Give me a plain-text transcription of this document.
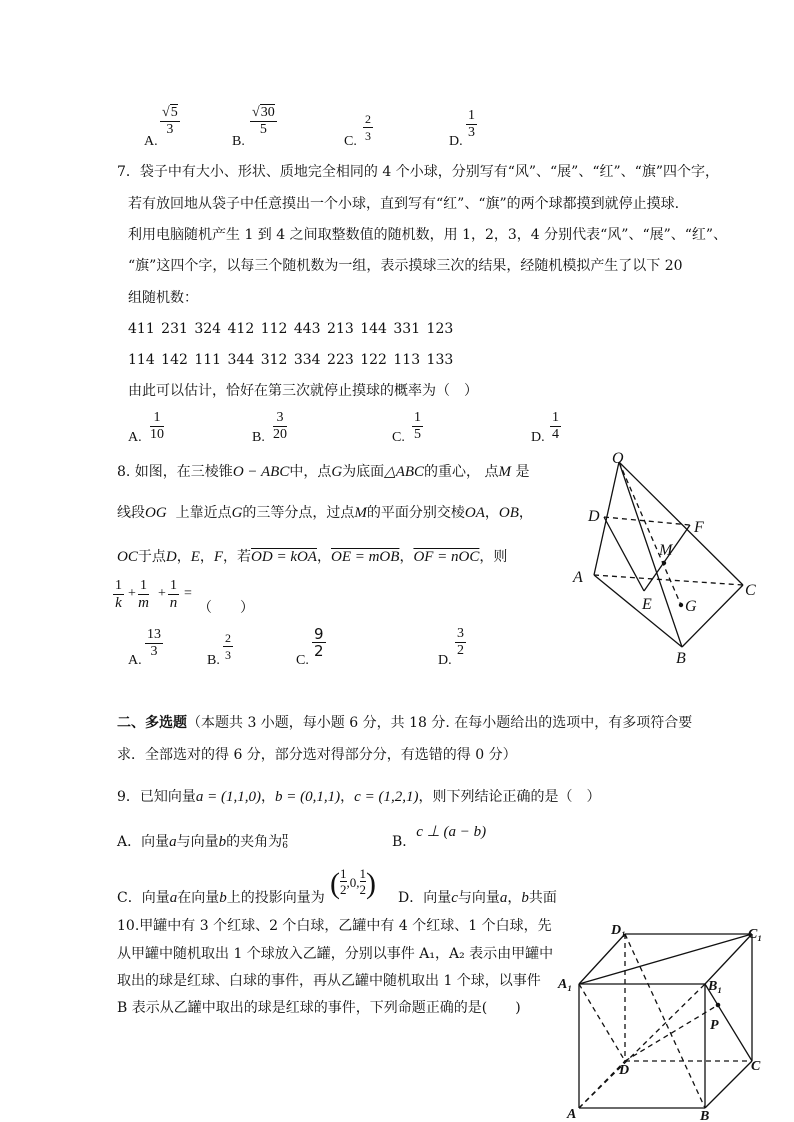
A.
$\frac{√5}{3}$
B.
$\frac{√30}{5}$
C. $\frac{2}{3}$	D.
$\frac{1}{3}$
7．袋子中有大小、形状、质地完全相同的 4 个小球，分别写有“风”、“展”、“红”、“旗”四个字，
若有放回地从袋子中任意摸出一个小球，直到写有“红”、“旗”的两个球都摸到就停止摸球.
利用电脑随机产生 1 到 4 之间取整数值的随机数，用 1，2，3，4 分别代表“风”、“展”、“红”、
“旗”这四个字，以每三个随机数为一组，表示摸球三次的结果，经随机模拟产生了以下 20
组随机数：
411 231 324 412 112 443 213 144 331 123
114 142 111 344 312 334 223 122 113 133
由此可以估计，恰好在第三次就停止摸球的概率为（　）
A. $\frac{1}{10}$	B. $\frac{3}{20}$	C. $\frac{1}{5}$	D. $\frac{1}{4}$
8. 如图，在三棱锥O − ABC中，点G为底面△ABC的重心， 点M 是
线段OG 上靠近点G的三等分点，过点M的平面分别交棱OA，OB，
OC于点D，E，F，若OD = kOA，OE = mOB，OF = nOC，则
$\frac{1}{k} + \frac{1}{m} + \frac{1}{n}$ =
（　　）
A.
$\frac{13}{3}$
B. $\frac{2}{3}$	C.
$\frac{9}{2}$
D.
$\frac{3}{2}$
O
D
F
M
A
E
C
G
B
二、多选题（本题共 3 小题，每小题 6 分，共 18 分. 在每小题给出的选项中，有多项符合要
求．全部选对的得 6 分，部分选对得部分分，有选错的得 0 分）
9．已知向量a = (1,1,0)，b = (0,1,1)，c = (1,2,1)，则下列结论正确的是（　）
A．向量a与向量b的夹角为 π
6	B．c ⊥ (a − b)
C．向量a在向量b上的投影向量为 ( $\frac{1}{2} ,0$, $\frac{1}{2}$ ) D．向量c与向量a，b共面
10.甲罐中有 3 个红球、2 个白球，乙罐中有 4 个红球、1 个白球，先
从甲罐中随机取出 1 个球放入乙罐，分别以事件 A₁，A₂ 表示由甲罐中
取出的球是红球、白球的事件，再从乙罐中随机取出 1 个球，以事件
B 表示从乙罐中取出的球是红球的事件，下列命题正确的是(　　)
D₁	C₁
A₁	B₁
P
D	C
A	B
